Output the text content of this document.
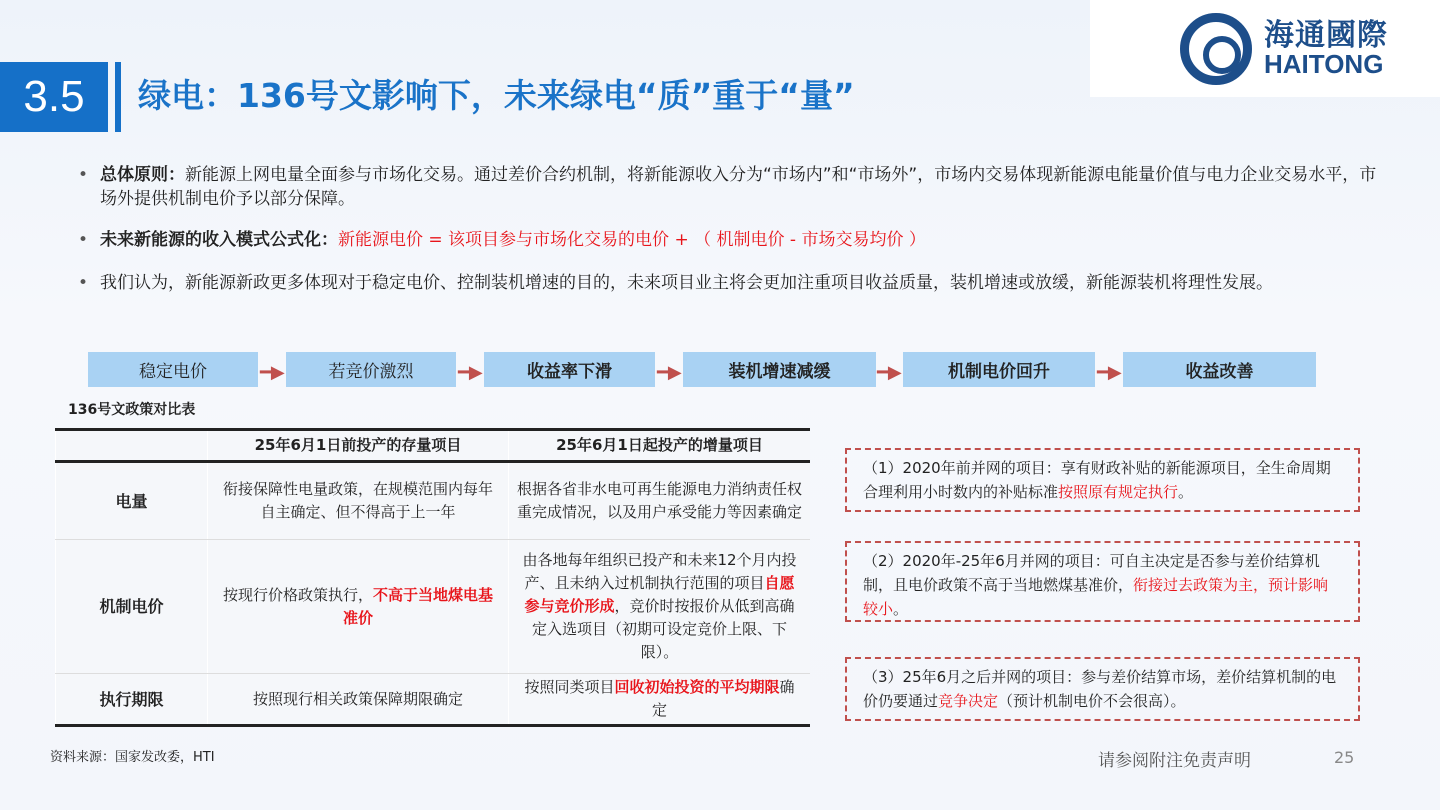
3.5	绿电：136号文影响下，未来绿电“质”重于“量”
海通國際
HAITONG
• 总体原则：新能源上网电量全面参与市场化交易。通过差价合约机制，将新能源收入分为“市场内”和“市场外”，市场内交易体现新能源电能量价值与电力企业交易水平，市场外提供机制电价予以部分保障。
• 未来新能源的收入模式公式化：新能源电价 = 该项目参与市场化交易的电价 + （ 机制电价 - 市场交易均价 ）
• 我们认为，新能源新政更多体现对于稳定电价、控制装机增速的目的，未来项目业主将会更加注重项目收益质量，装机增速或放缓，新能源装机将理性发展。
稳定电价	━▶	若竞价激烈	━▶	收益率下滑	━▶	装机增速减缓	━▶	机制电价回升	━▶	收益改善
136号文政策对比表
	25年6月1日前投产的存量项目	25年6月1日起投产的增量项目
电量	衔接保障性电量政策，在规模范围内每年自主确定、但不得高于上一年	根据各省非水电可再生能源电力消纳责任权重完成情况，以及用户承受能力等因素确定
机制电价	按现行价格政策执行，不高于当地煤电基准价	由各地每年组织已投产和未来12个月内投产、且未纳入过机制执行范围的项目自愿参与竞价形成，竞价时按报价从低到高确定入选项目（初期可设定竞价上限、下限）。
执行期限	按照现行相关政策保障期限确定	按照同类项目回收初始投资的平均期限确定
（1）2020年前并网的项目：享有财政补贴的新能源项目，全生命周期合理利用小时数内的补贴标准按照原有规定执行。
（2）2020年-25年6月并网的项目：可自主决定是否参与差价结算机制，且电价政策不高于当地燃煤基准价，衔接过去政策为主，预计影响较小。
（3）25年6月之后并网的项目：参与差价结算市场，差价结算机制的电价仍要通过竞争决定（预计机制电价不会很高）。
资料来源：国家发改委，HTI	请参阅附注免责声明	25
